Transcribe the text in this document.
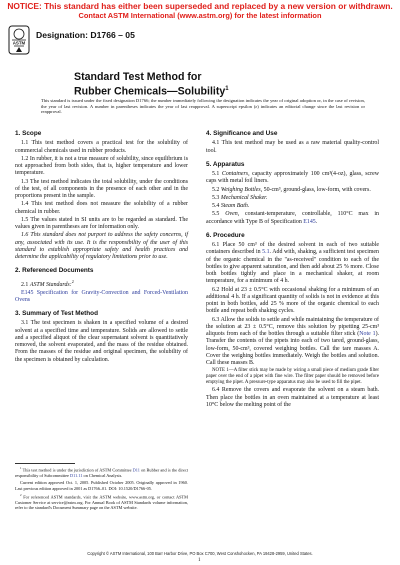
NOTICE: This standard has either been superseded and replaced by a new version or withdrawn.
Contact ASTM International (www.astm.org) for the latest information
ASTM
Designation: D1766 – 05
Standard Test Method for
Rubber Chemicals—Solubility$^1$
This standard is issued under the fixed designation D1766; the number immediately following the designation indicates the year of original adoption or, in the case of revision, the year of last revision. A number in parentheses indicates the year of last reapproval. A superscript epsilon (ε) indicates an editorial change since the last revision or reapproval.
1. Scope

1.1 This test method covers a practical test for the solubility of commercial chemicals used in rubber products.

1.2 In rubber, it is not a true measure of solubility, since equilibrium is not approached from both sides, that is, higher temperature and lower temperature.

1.3 The test method indicates the total solubility, under the conditions of the test, of all components in the presence of each other and in the proportions present in the sample.

1.4 This test method does not measure the solubility of a rubber chemical in rubber.

1.5 The values stated in SI units are to be regarded as standard. The values given in parentheses are for information only.

1.6 This standard does not purport to address the safety concerns, if any, associated with its use. It is the responsibility of the user of this standard to establish appropriate safety and health practices and determine the applicability of regulatory limitations prior to use.

2. Referenced Documents

2.1 ASTM Standards:$^2$

E145 Specification for Gravity-Convection and Forced-Ventilation Ovens

3. Summary of Test Method

3.1 The test specimen is shaken in a specified volume of a desired solvent at a specified time and temperature. Solids are allowed to settle and a specified aliquot of the clear supernatant solvent is quantitatively removed, the solvent evaporated, and the mass of the residue obtained. From the masses of the residue and original specimen, the solubility of the specimen is obtained by calculation.

$^1$ This test method is under the jurisdiction of ASTM Committee D11 on Rubber and is the direct responsibility of Subcommittee D11.11 on Chemical Analysis.

Current edition approved Oct. 1, 2005. Published October 2005. Originally approved in 1960. Last previous edition approved in 2001 as D1766–01. DOI: 10.1520/D1766-05.

$^2$ For referenced ASTM standards, visit the ASTM website, www.astm.org, or contact ASTM Customer Service at service@astm.org. For Annual Book of ASTM Standards volume information, refer to the standard's Document Summary page on the ASTM website.

4. Significance and Use

4.1 This test method may be used as a raw material quality-control tool.

5. Apparatus

5.1 Containers, capacity approximately 100 cm³(4-oz), glass, screw caps with metal foil liners.

5.2 Weighing Bottles, 50-cm³, ground-glass, low-form, with covers.

5.3 Mechanical Shaker.

5.4 Steam Bath.

5.5 Oven, constant-temperature, controllable, 110°C max in accordance with Type B of Specification E145.

6. Procedure

6.1 Place 50 cm³ of the desired solvent in each of two suitable containers described in 5.1. Add with, shaking, a sufficient test specimen of the organic chemical in the "as-received" condition to each of the bottles to give apparent saturation, and then add about 25 % more. Close both bottles tightly and place in a mechanical shaker, at room temperature, for a minimum of 4 h.

6.2 Hold at 23 ± 0.5°C with occasional shaking for a minimum of an additional 4 h. If a significant quantity of solids is not in evidence at this point in both bottles, add 25 % more of the organic chemical to each bottle and repeat both shaking cycles.

6.3 Allow the solids to settle and while maintaining the temperature of the solution at 23 ± 0.5°C, remove this solution by pipetting 25-cm³ aliquots from each of the bottles through a suitable filter stick (Note 1). Transfer the contents of the pipets into each of two tared, ground-glass, low-form, 50-cm³, covered weighing bottles. Call the tare masses A. Cover the weighing bottles immediately. Weigh the bottles and solution. Call these masses B.

NOTE 1—A filter stick may be made by wiring a small piece of medium grade filter paper over the end of a pipet with fine wire. The filter paper should be removed before emptying the pipet. A pressure-type apparatus may also be used to fill the pipet.

6.4 Remove the covers and evaporate the solvent on a steam bath. Then place the bottles in an oven maintained at a temperature at least 10°C below the melting point of the

Copyright © ASTM International, 100 Barr Harbor Drive, PO Box C700, West Conshohocken, PA 19428-2959, United States.
1
